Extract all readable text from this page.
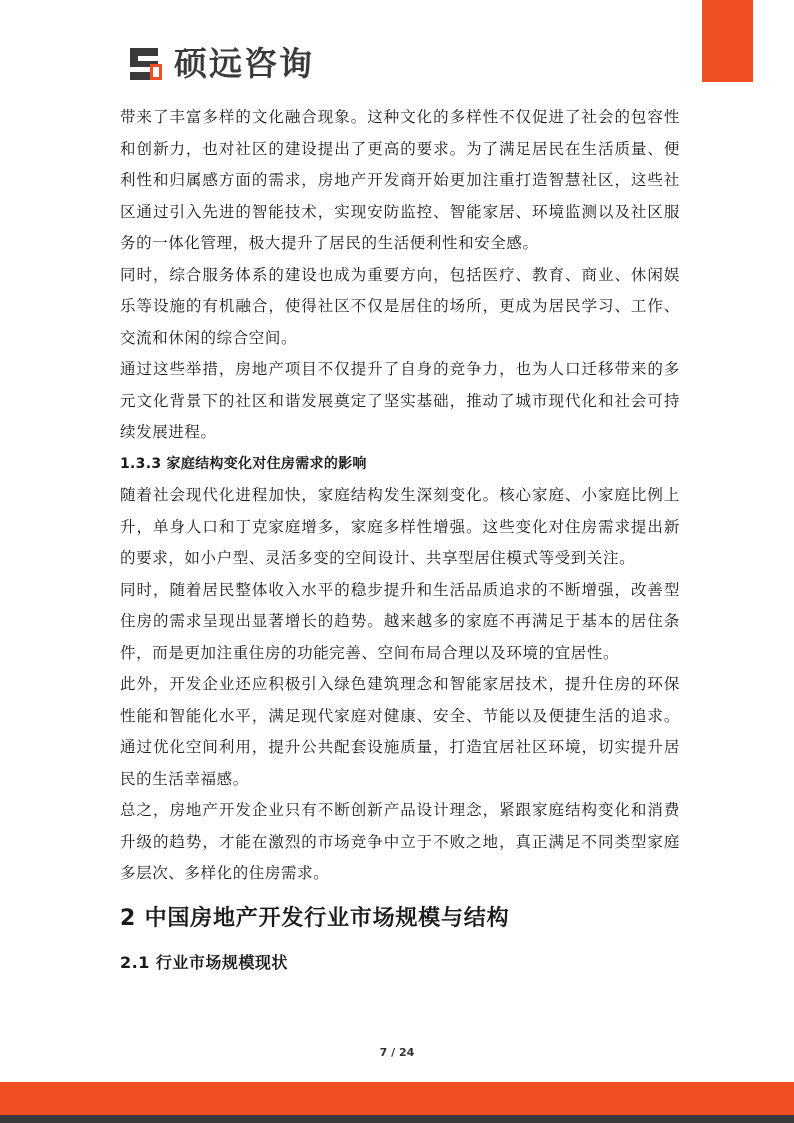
硕远咨询

带来了丰富多样的文化融合现象。这种文化的多样性不仅促进了社会的包容性和创新力，也对社区的建设提出了更高的要求。为了满足居民在生活质量、便利性和归属感方面的需求，房地产开发商开始更加注重打造智慧社区，这些社区通过引入先进的智能技术，实现安防监控、智能家居、环境监测以及社区服务的一体化管理，极大提升了居民的生活便利性和安全感。

同时，综合服务体系的建设也成为重要方向，包括医疗、教育、商业、休闲娱乐等设施的有机融合，使得社区不仅是居住的场所，更成为居民学习、工作、交流和休闲的综合空间。

通过这些举措，房地产项目不仅提升了自身的竞争力，也为人口迁移带来的多元文化背景下的社区和谐发展奠定了坚实基础，推动了城市现代化和社会可持续发展进程。

1.3.3 家庭结构变化对住房需求的影响

随着社会现代化进程加快，家庭结构发生深刻变化。核心家庭、小家庭比例上升，单身人口和丁克家庭增多，家庭多样性增强。这些变化对住房需求提出新的要求，如小户型、灵活多变的空间设计、共享型居住模式等受到关注。

同时，随着居民整体收入水平的稳步提升和生活品质追求的不断增强，改善型住房的需求呈现出显著增长的趋势。越来越多的家庭不再满足于基本的居住条件，而是更加注重住房的功能完善、空间布局合理以及环境的宜居性。

此外，开发企业还应积极引入绿色建筑理念和智能家居技术，提升住房的环保性能和智能化水平，满足现代家庭对健康、安全、节能以及便捷生活的追求。通过优化空间利用，提升公共配套设施质量，打造宜居社区环境，切实提升居民的生活幸福感。

总之，房地产开发企业只有不断创新产品设计理念，紧跟家庭结构变化和消费升级的趋势，才能在激烈的市场竞争中立于不败之地，真正满足不同类型家庭多层次、多样化的住房需求。

2 中国房地产开发行业市场规模与结构

2.1 行业市场规模现状

7 / 24
